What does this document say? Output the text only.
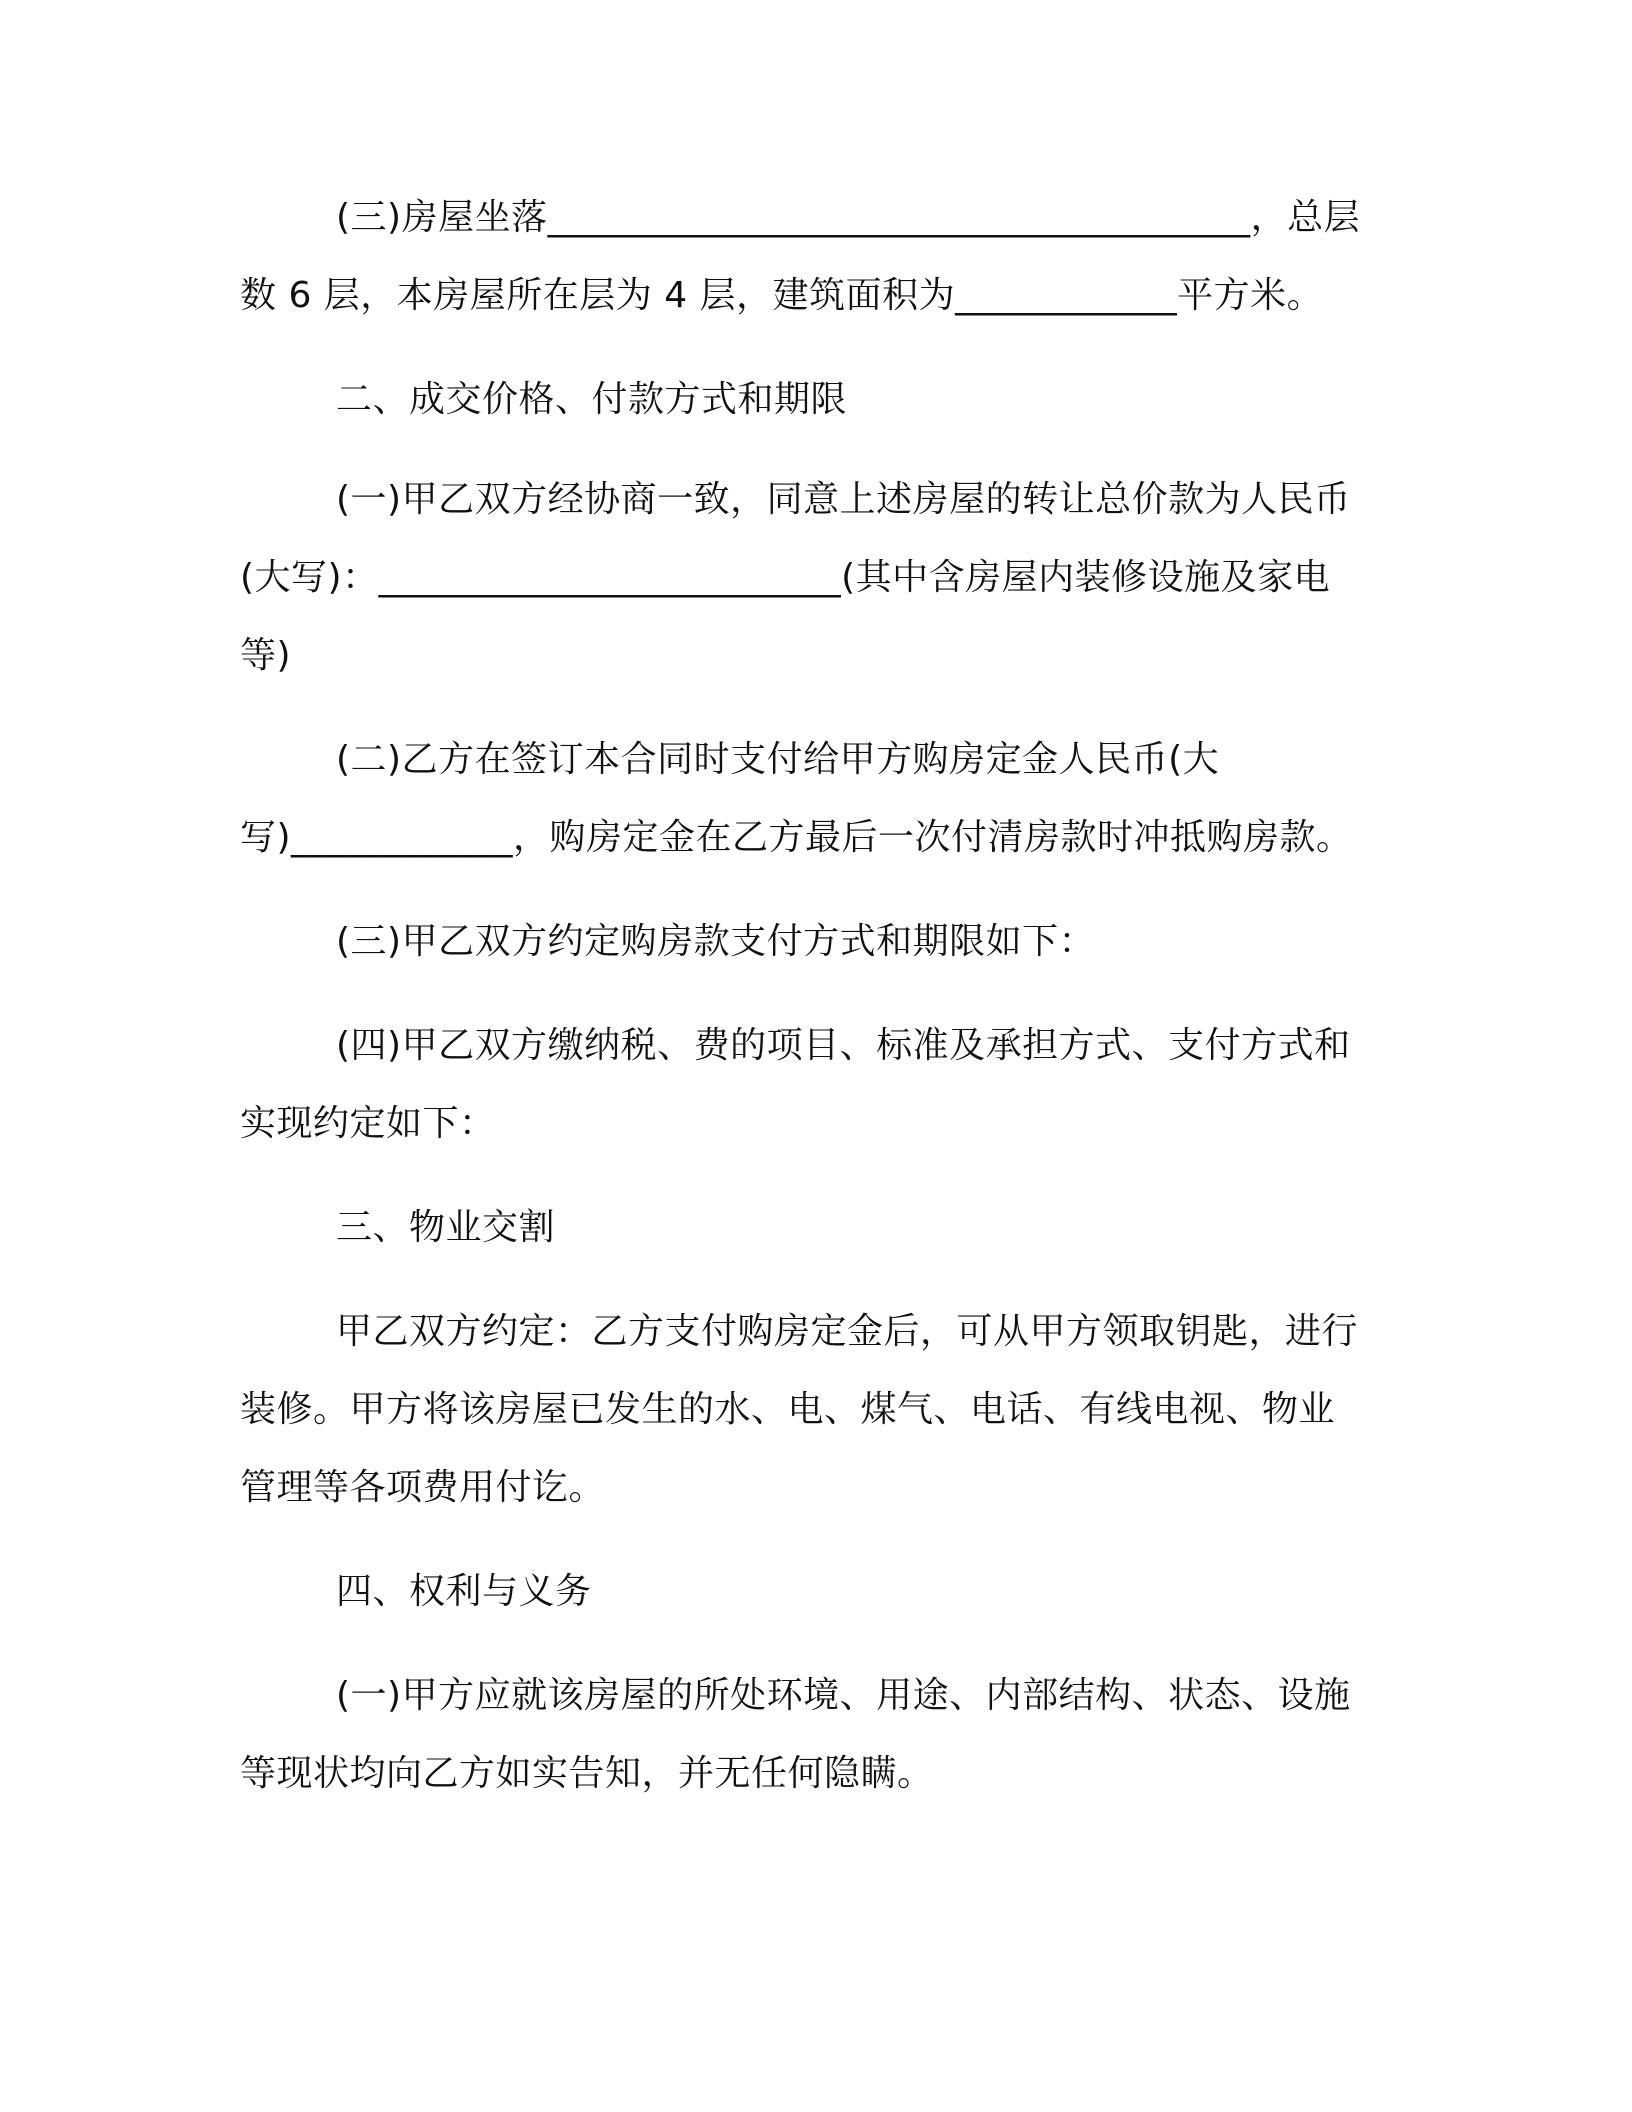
(三)房屋坐落______________________________________，总层
数 6 层，本房屋所在层为 4 层，建筑面积为____________平方米。
二、成交价格、付款方式和期限
(一)甲乙双方经协商一致，同意上述房屋的转让总价款为人民币
(大写)：_________________________(其中含房屋内装修设施及家电
等)
(二)乙方在签订本合同时支付给甲方购房定金人民币(大
写)____________，购房定金在乙方最后一次付清房款时冲抵购房款。
(三)甲乙双方约定购房款支付方式和期限如下：
(四)甲乙双方缴纳税、费的项目、标准及承担方式、支付方式和
实现约定如下：
三、物业交割
甲乙双方约定：乙方支付购房定金后，可从甲方领取钥匙，进行
装修。甲方将该房屋已发生的水、电、煤气、电话、有线电视、物业
管理等各项费用付讫。
四、权利与义务
(一)甲方应就该房屋的所处环境、用途、内部结构、状态、设施
等现状均向乙方如实告知，并无任何隐瞒。
